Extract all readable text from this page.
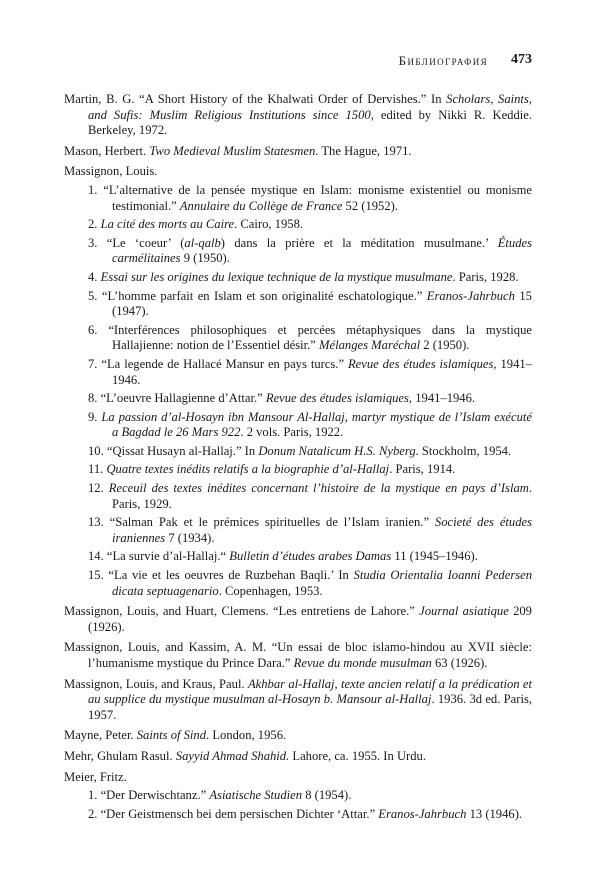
Библиография 473
Martin, B. G. “A Short History of the Khalwati Order of Dervishes.” In Scholars, Saints, and Sufis: Muslim Religious Institutions since 1500, edited by Nikki R. Keddie. Berkeley, 1972.
Mason, Herbert. Two Medieval Muslim Statesmen. The Hague, 1971.
Massignon, Louis.
1. “L’alternative de la pensée mystique en Islam: monisme existentiel ou monisme testimonial.” Annulaire du Collège de France 52 (1952).
2. La cité des morts au Caire. Cairo, 1958.
3. “Le ‘coeur’ (al-qalb) dans la prière et la méditation musulmane.’ Études carmélitaines 9 (1950).
4. Essai sur les origines du lexique technique de la mystique musulmane. Paris, 1928.
5. “L’homme parfait en Islam et son originalité eschatologique.” Eranos-Jahrbuch 15 (1947).
6. “Interférences philosophiques et percées métaphysiques dans la mystique Hallajienne: notion de l’Essentiel désir.” Mélanges Maréchal 2 (1950).
7. “La legende de Hallacé Mansur en pays turcs.” Revue des études islamiques, 1941–1946.
8. “L’oeuvre Hallagienne d’Attar.” Revue des études islamiques, 1941–1946.
9. La passion d’al-Hosayn ibn Mansour Al-Hallaj, martyr mystique de l’Islam exécuté a Bagdad le 26 Mars 922. 2 vols. Paris, 1922.
10. “Qissat Husayn al-Hallaj.” In Donum Natalicum H.S. Nyberg. Stockholm, 1954.
11. Quatre textes inédits relatifs a la biographie d’al-Hallaj. Paris, 1914.
12. Receuil des textes inédites concernant l’histoire de la mystique en pays d’Islam. Paris, 1929.
13. “Salman Pak et le prémices spirituelles de l’Islam iranien.” Societé des études iraniennes 7 (1934).
14. “La survie d’al-Hallaj.“ Bulletin d’études arabes Damas 11 (1945–1946).
15. “La vie et les oeuvres de Ruzbehan Baqli.’ In Studia Orientalia Ioanni Pedersen dicata septuagenario. Copenhagen, 1953.
Massignon, Louis, and Huart, Clemens. “Les entretiens de Lahore.” Journal asiatique 209 (1926).
Massignon, Louis, and Kassim, A. M. “Un essai de bloc islamo-hindou au XVII siècle: l’humanisme mystique du Prince Dara.” Revue du monde musulman 63 (1926).
Massignon, Louis, and Kraus, Paul. Akhbar al-Hallaj, texte ancien relatif a la prédication et au supplice du mystique musulman al-Hosayn b. Mansour al-Hallaj. 1936. 3d ed. Paris, 1957.
Mayne, Peter. Saints of Sind. London, 1956.
Mehr, Ghulam Rasul. Sayyid Ahmad Shahid. Lahore, ca. 1955. In Urdu.
Meier, Fritz.
1. “Der Derwischtanz.” Asiatische Studien 8 (1954).
2. “Der Geistmensch bei dem persischen Dichter ‘Attar.” Eranos-Jahrbuch 13 (1946).
